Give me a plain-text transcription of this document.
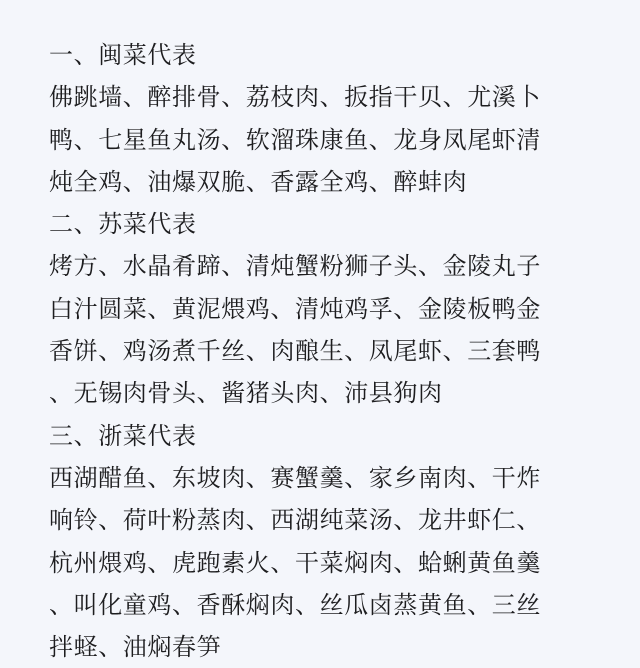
一、闽菜代表
佛跳墙、醉排骨、荔枝肉、扳指干贝、尤溪卜
鸭、七星鱼丸汤、软溜珠康鱼、龙身凤尾虾清
炖全鸡、油爆双脆、香露全鸡、醉蚌肉
二、苏菜代表
烤方、水晶肴蹄、清炖蟹粉狮子头、金陵丸子
白汁圆菜、黄泥煨鸡、清炖鸡孚、金陵板鸭金
香饼、鸡汤煮千丝、肉酿生、凤尾虾、三套鸭
、无锡肉骨头、酱猪头肉、沛县狗肉
三、浙菜代表
西湖醋鱼、东坡肉、赛蟹羹、家乡南肉、干炸
响铃、荷叶粉蒸肉、西湖纯菜汤、龙井虾仁、
杭州煨鸡、虎跑素火、干菜焖肉、蛤蜊黄鱼羹
、叫化童鸡、香酥焖肉、丝瓜卤蒸黄鱼、三丝
拌蛏、油焖春笋
